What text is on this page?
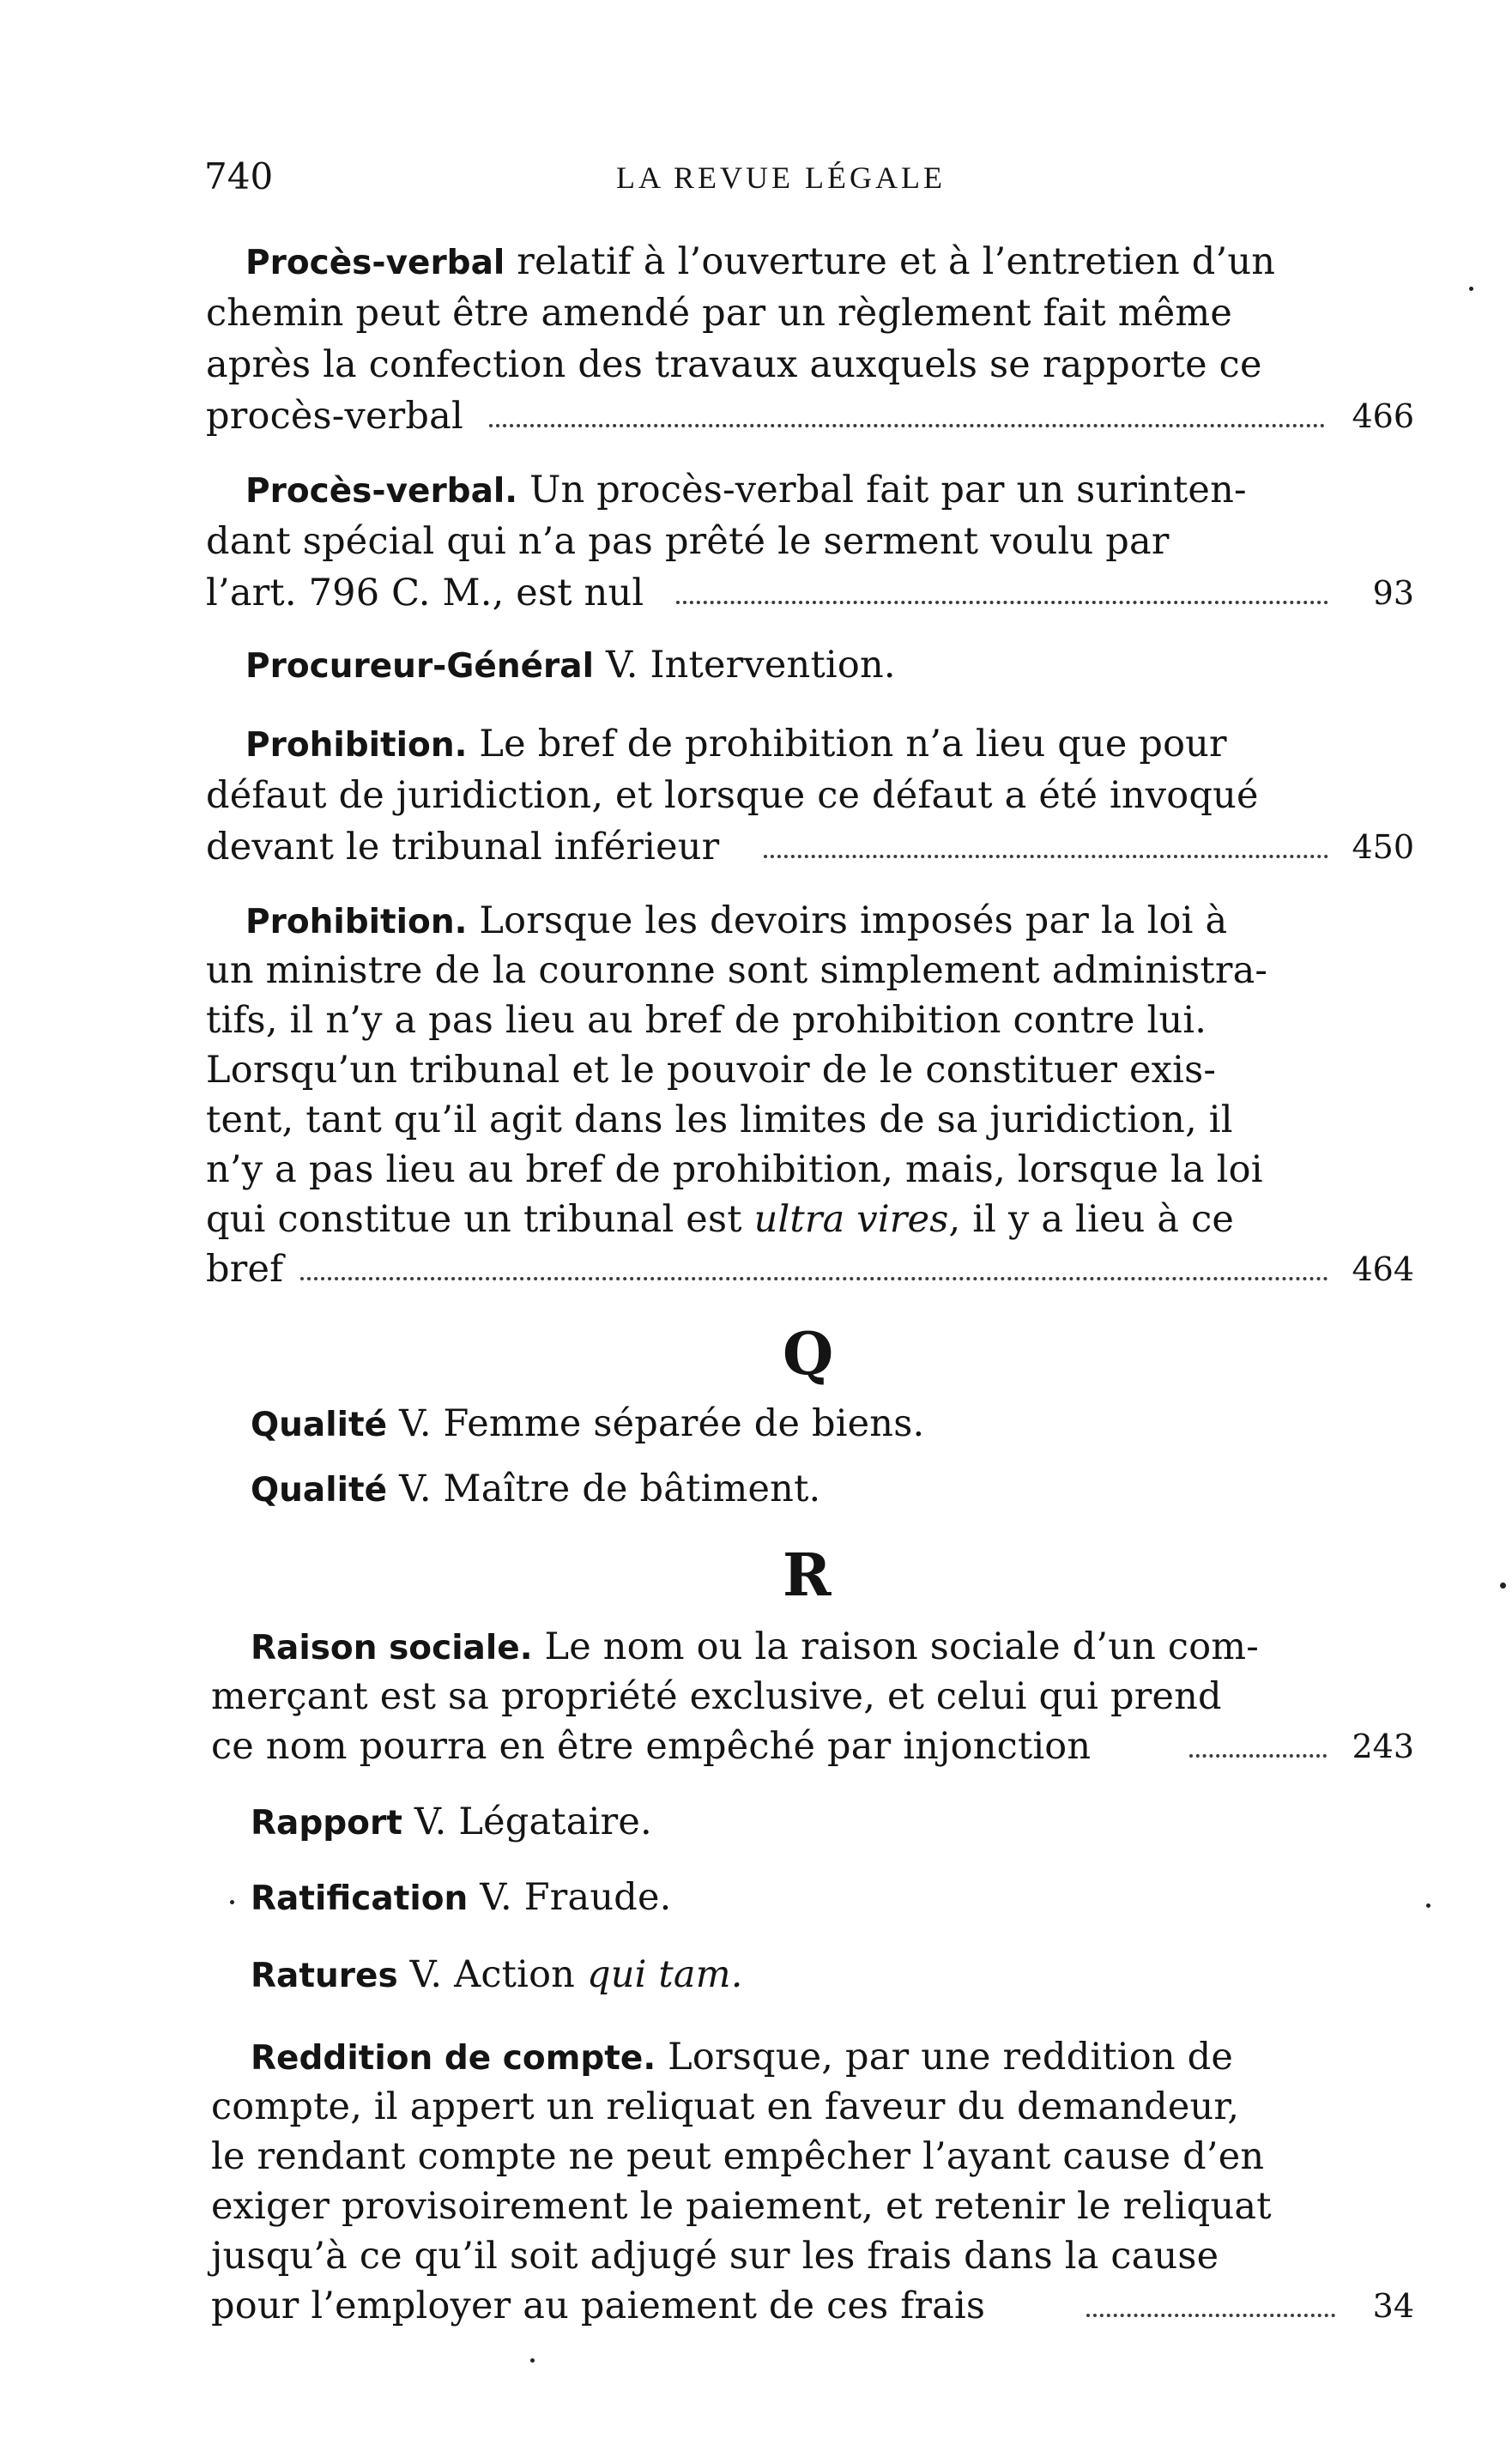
740	LA REVUE LÉGALE
Procès-verbal relatif à l’ouverture et à l’entretien d’un
chemin peut être amendé par un règlement fait même
après la confection des travaux auxquels se rapporte ce
procès-verbal	466
Procès-verbal. Un procès-verbal fait par un surinten-
dant spécial qui n’a pas prêté le serment voulu par
l’art. 796 C. M., est nul	93
Procureur-Général V. Intervention.
Prohibition. Le bref de prohibition n’a lieu que pour
défaut de juridiction, et lorsque ce défaut a été invoqué
devant le tribunal inférieur	450
Prohibition. Lorsque les devoirs imposés par la loi à
un ministre de la couronne sont simplement administra-
tifs, il n’y a pas lieu au bref de prohibition contre lui.
Lorsqu’un tribunal et le pouvoir de le constituer exis-
tent, tant qu’il agit dans les limites de sa juridiction, il
n’y a pas lieu au bref de prohibition, mais, lorsque la loi
qui constitue un tribunal est ultra vires, il y a lieu à ce
bref	464
Q
Qualité V. Femme séparée de biens.
Qualité V. Maître de bâtiment.
R
Raison sociale. Le nom ou la raison sociale d’un com-
merçant est sa propriété exclusive, et celui qui prend
ce nom pourra en être empêché par injonction	243
Rapport V. Légataire.
Ratification V. Fraude.
Ratures V. Action qui tam.
Reddition de compte. Lorsque, par une reddition de
compte, il appert un reliquat en faveur du demandeur,
le rendant compte ne peut empêcher l’ayant cause d’en
exiger provisoirement le paiement, et retenir le reliquat
jusqu’à ce qu’il soit adjugé sur les frais dans la cause
pour l’employer au paiement de ces frais	34
